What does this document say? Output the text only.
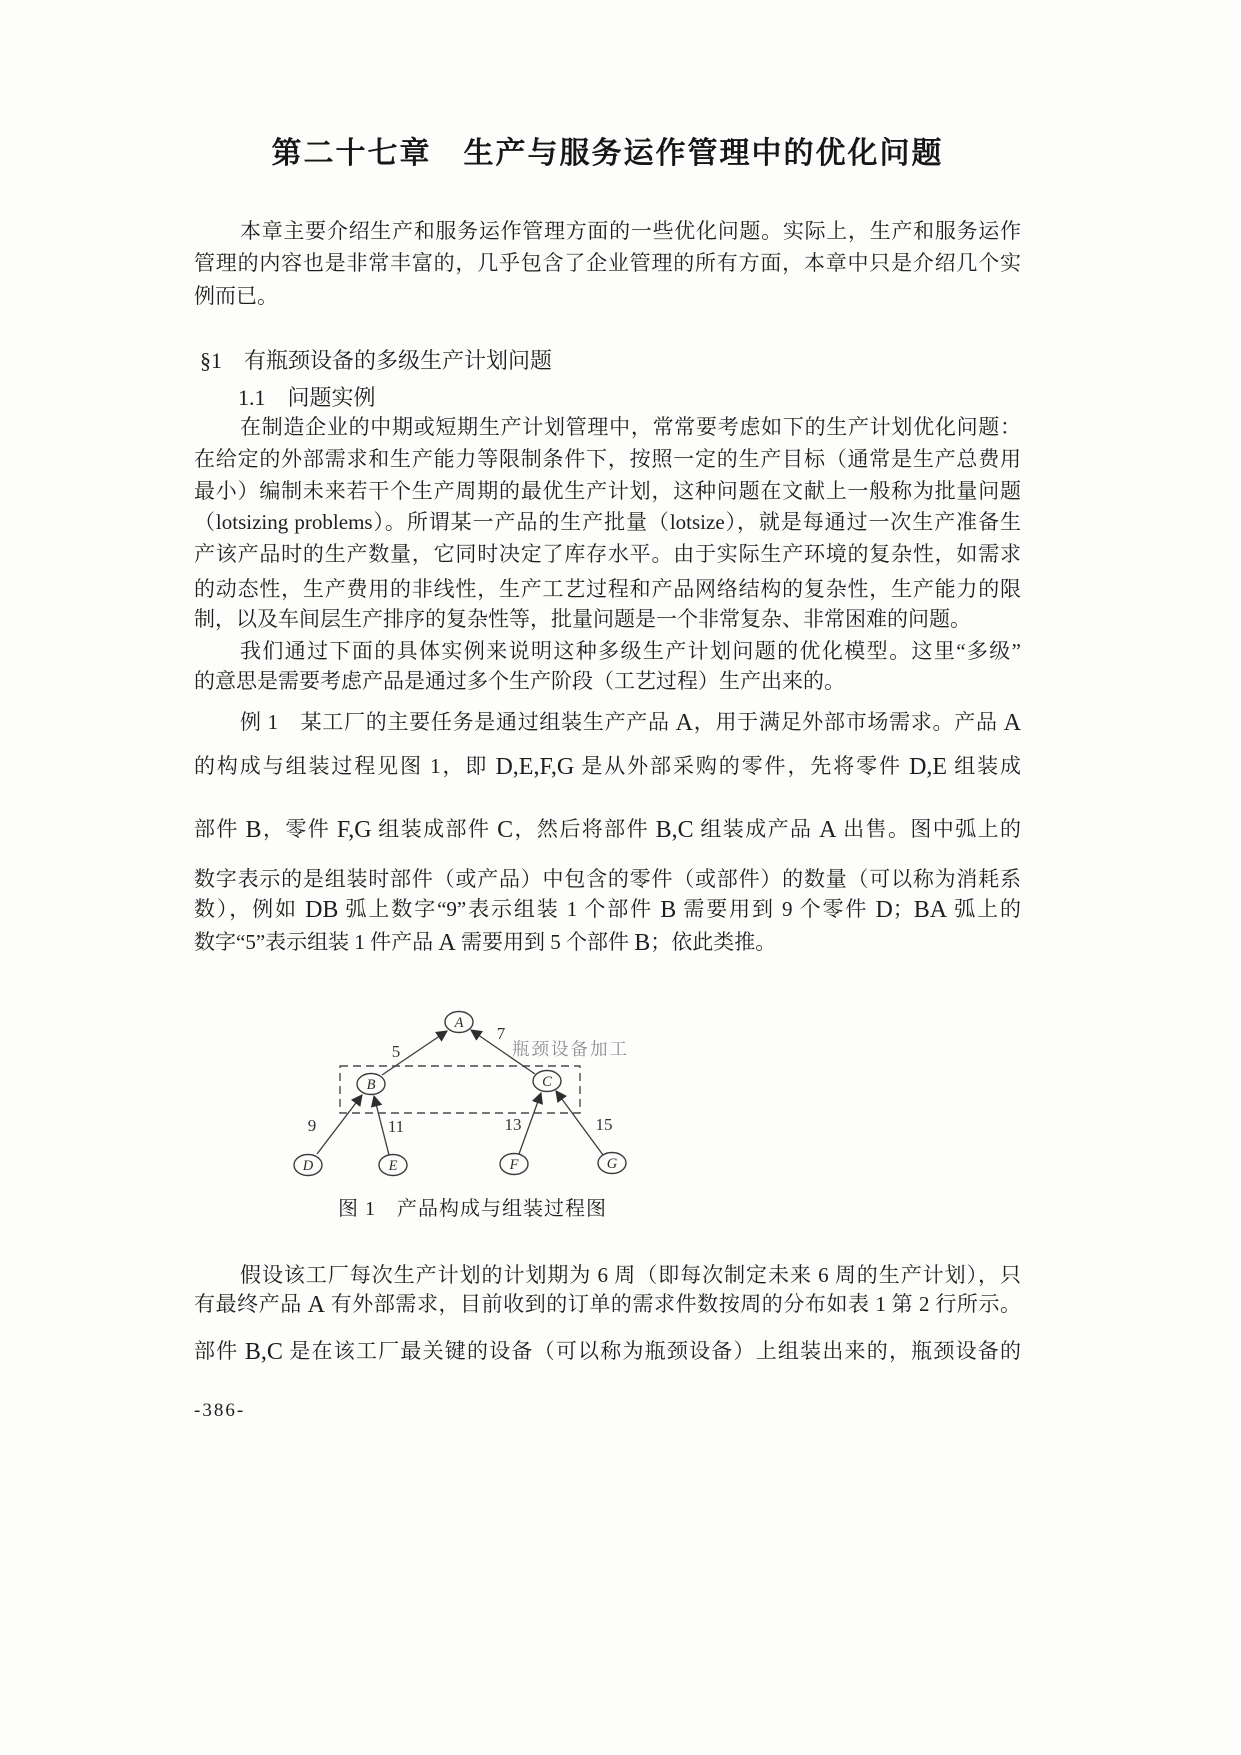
第二十七章　生产与服务运作管理中的优化问题
本章主要介绍生产和服务运作管理方面的一些优化问题。实际上，生产和服务运作
管理的内容也是非常丰富的，几乎包含了企业管理的所有方面，本章中只是介绍几个实
例而已。
§1　有瓶颈设备的多级生产计划问题
1.1　问题实例
在制造企业的中期或短期生产计划管理中，常常要考虑如下的生产计划优化问题：
在给定的外部需求和生产能力等限制条件下，按照一定的生产目标（通常是生产总费用
最小）编制未来若干个生产周期的最优生产计划，这种问题在文献上一般称为批量问题
（lotsizing problems）。所谓某一产品的生产批量（lotsize），就是每通过一次生产准备生
产该产品时的生产数量，它同时决定了库存水平。由于实际生产环境的复杂性，如需求
的动态性，生产费用的非线性，生产工艺过程和产品网络结构的复杂性，生产能力的限
制，以及车间层生产排序的复杂性等，批量问题是一个非常复杂、非常困难的问题。
我们通过下面的具体实例来说明这种多级生产计划问题的优化模型。这里“多级”
的意思是需要考虑产品是通过多个生产阶段（工艺过程）生产出来的。
例 1　某工厂的主要任务是通过组装生产产品 A，用于满足外部市场需求。产品 A
的构成与组装过程见图 1，即 D,E,F,G 是从外部采购的零件，先将零件 D,E 组装成
部件 B，零件 F,G 组装成部件 C，然后将部件 B,C 组装成产品 A 出售。图中弧上的
数字表示的是组装时部件（或产品）中包含的零件（或部件）的数量（可以称为消耗系
数），例如 DB 弧上数字“9”表示组装 1 个部件 B 需要用到 9 个零件 D；BA 弧上的
数字“5”表示组装 1 件产品 A 需要用到 5 个部件 B；依此类推。
5
7
9	11	13	15
瓶颈设备加工
A
B	C
D	E	F	G
图 1　产品构成与组装过程图
假设该工厂每次生产计划的计划期为 6 周（即每次制定未来 6 周的生产计划），只
有最终产品 A 有外部需求，目前收到的订单的需求件数按周的分布如表 1 第 2 行所示。
部件 B,C 是在该工厂最关键的设备（可以称为瓶颈设备）上组装出来的，瓶颈设备的
-386-
